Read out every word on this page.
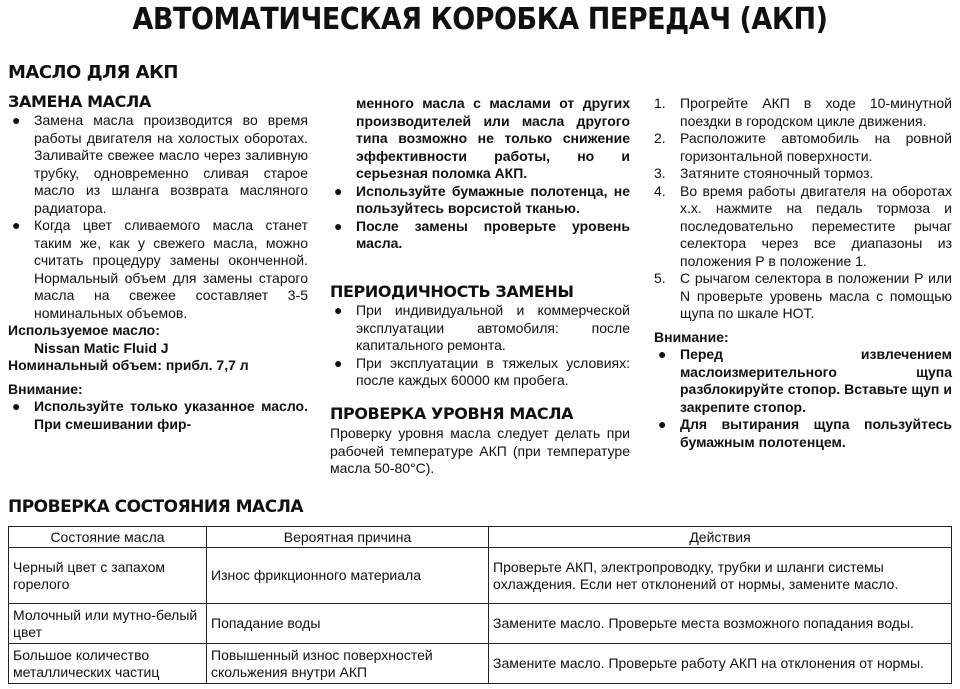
АВТОМАТИЧЕСКАЯ КОРОБКА ПЕРЕДАЧ (АКП)
МАСЛО ДЛЯ АКП
ЗАМЕНА МАСЛА

● Замена масла производится во время работы двигателя на холостых оборотах. Заливайте свежее масло через заливную трубку, одновременно сливая старое масло из шланга возврата масляного радиатора.

● Когда цвет сливаемого масла станет таким же, как у свежего масла, можно считать процедуру замены оконченной. Нормальный объем для замены старого масла на свежее составляет 3-5 номинальных объемов.

Используемое масло:

Nissan Matic Fluid J

Номинальный объем: прибл. 7,7 л

Внимание:

● Используйте только указанное масло. При смешивании фир-

менного масла с маслами от других производителей или масла другого типа возможно не только снижение эффективности работы, но и серьезная поломка АКП.

● Используйте бумажные полотенца, не пользуйтесь ворсистой тканью.

● После замены проверьте уровень масла.

ПЕРИОДИЧНОСТЬ ЗАМЕНЫ

● При индивидуальной и коммерческой эксплуатации автомобиля: после капитального ремонта.

● При эксплуатации в тяжелых условиях: после каждых 60000 км пробега.

ПРОВЕРКА УРОВНЯ МАСЛА

Проверку уровня масла следует делать при рабочей температуре АКП (при температуре масла 50-80°С).

1. Прогрейте АКП в ходе 10-минутной поездки в городском цикле движения.

2. Расположите автомобиль на ровной горизонтальной поверхности.

3. Затяните стояночный тормоз.

4. Во время работы двигателя на оборотах х.х. нажмите на педаль тормоза и последовательно переместите рычаг селектора через все диапазоны из положения Р в положение 1.

5. С рычагом селектора в положении Р или N проверьте уровень масла с помощью щупа по шкале НОТ.

Внимание:

● Перед извлечением маслоизмерительного щупа разблокируйте стопор. Вставьте щуп и закрепите стопор.

● Для вытирания щупа пользуйтесь бумажным полотенцем.

ПРОВЕРКА СОСТОЯНИЯ МАСЛА
Состояние масла	Вероятная причина	Действия
Черный цвет с запахом горелого	Износ фрикционного материала	Проверьте АКП, электропроводку, трубки и шланги системы охлаждения. Если нет отклонений от нормы, замените масло.
Молочный или мутно-белый цвет	Попадание воды	Замените масло. Проверьте места возможного попадания воды.
Большое количество металлических частиц	Повышенный износ поверхностей скольжения внутри АКП	Замените масло. Проверьте работу АКП на отклонения от нормы.
